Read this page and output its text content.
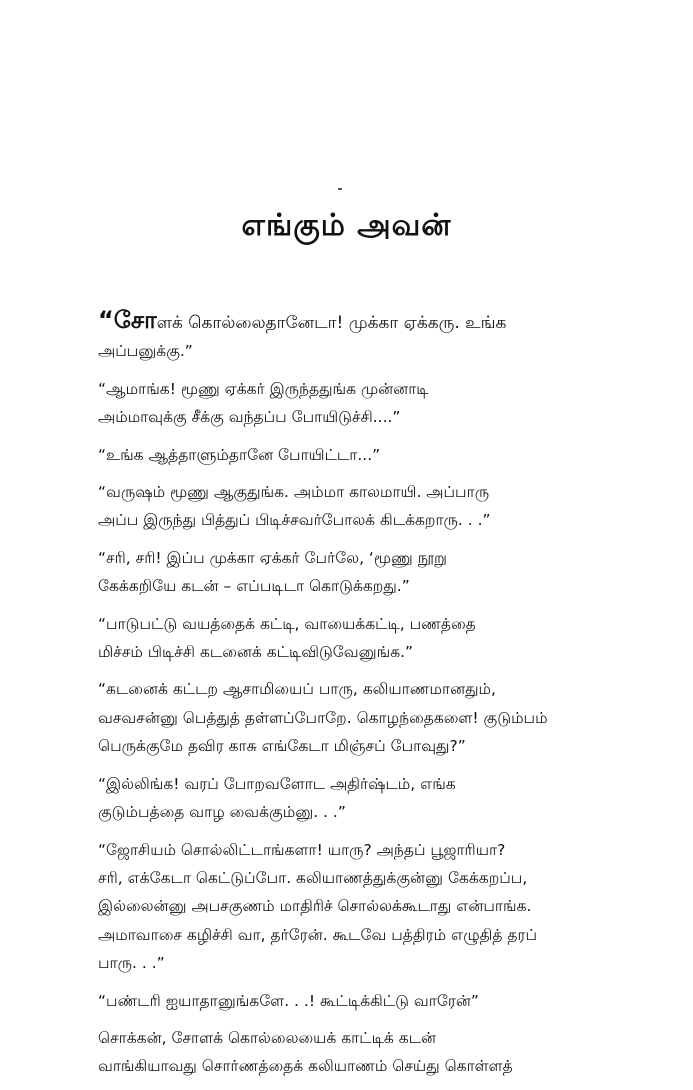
எங்கும் அவன்

“சோளக் கொல்லைதானேடா! முக்கா ஏக்கரு. உங்க
அப்பனுக்கு.”

“ஆமாங்க! மூணு ஏக்கர் இருந்ததுங்க முன்னாடி
அம்மாவுக்கு சீக்கு வந்தப்ப போயிடுச்சி....”

“உங்க ஆத்தாளும்தானே போயிட்டா...”

“வருஷம் மூணு ஆகுதுங்க. அம்மா காலமாயி. அப்பாரு
அப்ப இருந்து பித்துப் பிடிச்சவர்போலக் கிடக்கறாரு. . .”

“சரி, சரி! இப்ப முக்கா ஏக்கர் பேர்லே, ‘மூணு நூறு
கேக்கறியே கடன் – எப்படிடா கொடுக்கறது.”

“பாடுபட்டு வயத்தைக் கட்டி, வாயைக்கட்டி, பணத்தை
மிச்சம் பிடிச்சி கடனைக் கட்டிவிடுவேனுங்க.”

“கடனைக் கட்டற ஆசாமியைப் பாரு, கலியாணமானதும்,
வசவசன்னு பெத்துத் தள்ளப்போறே. கொழந்தைகளை! குடும்பம்
பெருக்குமே தவிர காசு எங்கேடா மிஞ்சப் போவுது?”

“இல்லிங்க! வரப் போறவளோட அதிர்ஷ்டம், எங்க
குடும்பத்தை வாழ வைக்கும்னு. . .”

“ஜோசியம் சொல்லிட்டாங்களா! யாரு? அந்தப் பூஜாரியா?
சரி, எக்கேடா கெட்டுப்போ. கலியாணத்துக்குன்னு கேக்கறப்ப,
இல்லைன்னு அபசகுணம் மாதிரிச் சொல்லக்கூடாது என்பாங்க.
அமாவாசை கழிச்சி வா, தர்ரேன். கூடவே பத்திரம் எழுதித் தரப்
பாரு. . .”

“பண்டரி ஐயாதானுங்களே. . .! கூட்டிக்கிட்டு வாரேன்”

சொக்கன், சோளக் கொல்லையைக் காட்டிக் கடன்
வாங்கியாவது சொர்ணத்தைக் கலியாணம் செய்து கொள்ளத்
